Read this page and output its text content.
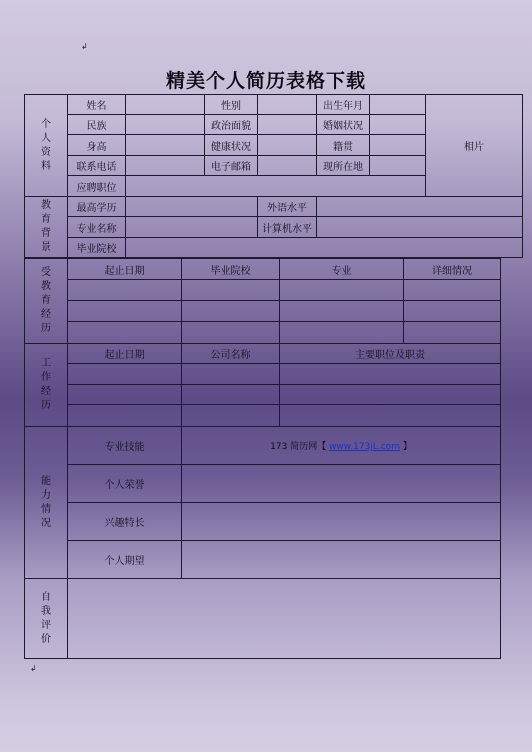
↲
精美个人简历表格下载
个
人
资
料	姓名		性别		出生年月		相片
	民族		政治面貌		婚姻状况		
	身高		健康状况		籍贯		
	联系电话		电子邮箱		现所在地		
	应聘职位						

教
育
背
景	最高学历			外语水平			
	专业名称			计算机水平			
	毕业院校						
受
教
育
经
历	起止日期	毕业院校	专业	详细情况

工
作
经
历	起止日期	公司名称	主要职位及职责	

能
力
情
况	专业技能	173 简历网【 www.173jL.com 】
	个人荣誉	
	兴趣特长	
	个人期望	

自
我
评
价		

↲
